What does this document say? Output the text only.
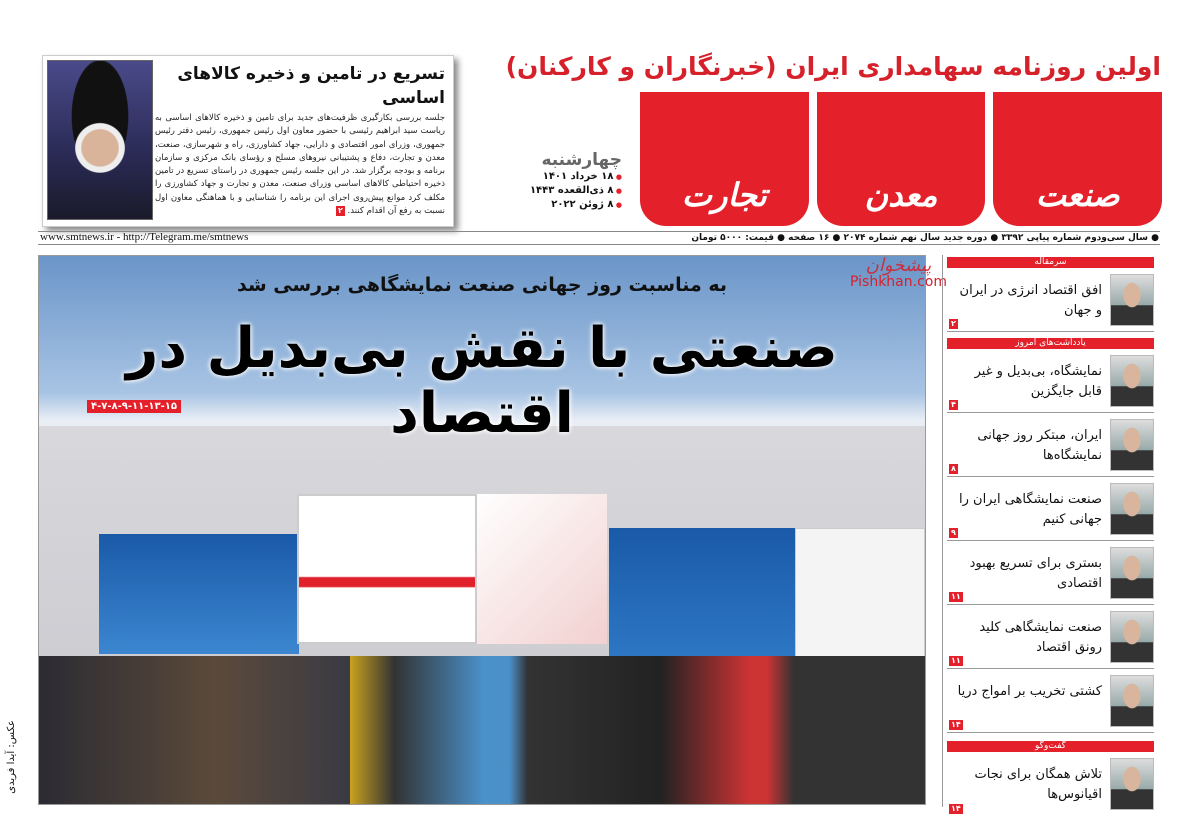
تسریع در تامین و ذخیره کالاهای اساسی
جلسه بررسی بکارگیری ظرفیت‌های جدید برای تامین و ذخیره کالاهای اساسی به ریاست سید ابراهیم رئیسی با حضور معاون اول رئیس جمهوری، رئیس دفتر رئیس جمهوری، وزرای امور اقتصادی و دارایی، جهاد کشاورزی، راه و شهرسازی، صنعت، معدن و تجارت، دفاع و پشتیبانی نیروهای مسلح و رؤسای بانک مرکزی و سازمان برنامه و بودجه برگزار شد. در این جلسه رئیس جمهوری در راستای تسریع در تامین ذخیره احتیاطی کالاهای اساسی وزرای صنعت، معدن و تجارت و جهاد کشاورزی را مکلف کرد موانع پیش‌روی اجرای این برنامه را شناسایی و با هماهنگی معاون اول نسبت به رفع آن اقدام کنند. ۲
اولین روزنامه سهامداری ایران (خبرنگاران و کارکنان)
صنعت
معدن
تجارت
چهارشنبه
● ۱۸ خرداد ۱۴۰۱
● ۸ ذی‌القعده ۱۴۴۳
● ۸ ژوئن ۲۰۲۲
www.smtnews.ir - http://Telegram.me/smtnews	● سال سی‌ودوم شماره پیاپی ۳۳۹۲ ● دوره جدید سال نهم شماره ۲۰۷۴ ● ۱۶ صفحه ● قیمت: ۵۰۰۰ تومان
به مناسبت روز جهانی صنعت نمایشگاهی بررسی شد
صنعتی با نقش بی‌بدیل در اقتصاد
۴-۷-۸-۹-۱۱-۱۳-۱۵
عکس: آیدا فریدی
پیشخوان
Pishkhan.com
سرمقاله
افق اقتصاد انرژی در ایران و جهان
۲
یادداشت‌های امروز
نمایشگاه، بی‌بدیل و غیر قابل جایگزین
۴
ایران، مبتکر روز جهانی نمایشگاه‌ها
۸
صنعت نمایشگاهی ایران را جهانی کنیم
۹
بستری برای تسریع بهبود اقتصادی
۱۱
صنعت نمایشگاهی کلید رونق اقتصاد
۱۱
کشتی تخریب بر امواج دریا
۱۴
گفت‌وگو
تلاش همگان برای نجات اقیانوس‌ها
۱۴
